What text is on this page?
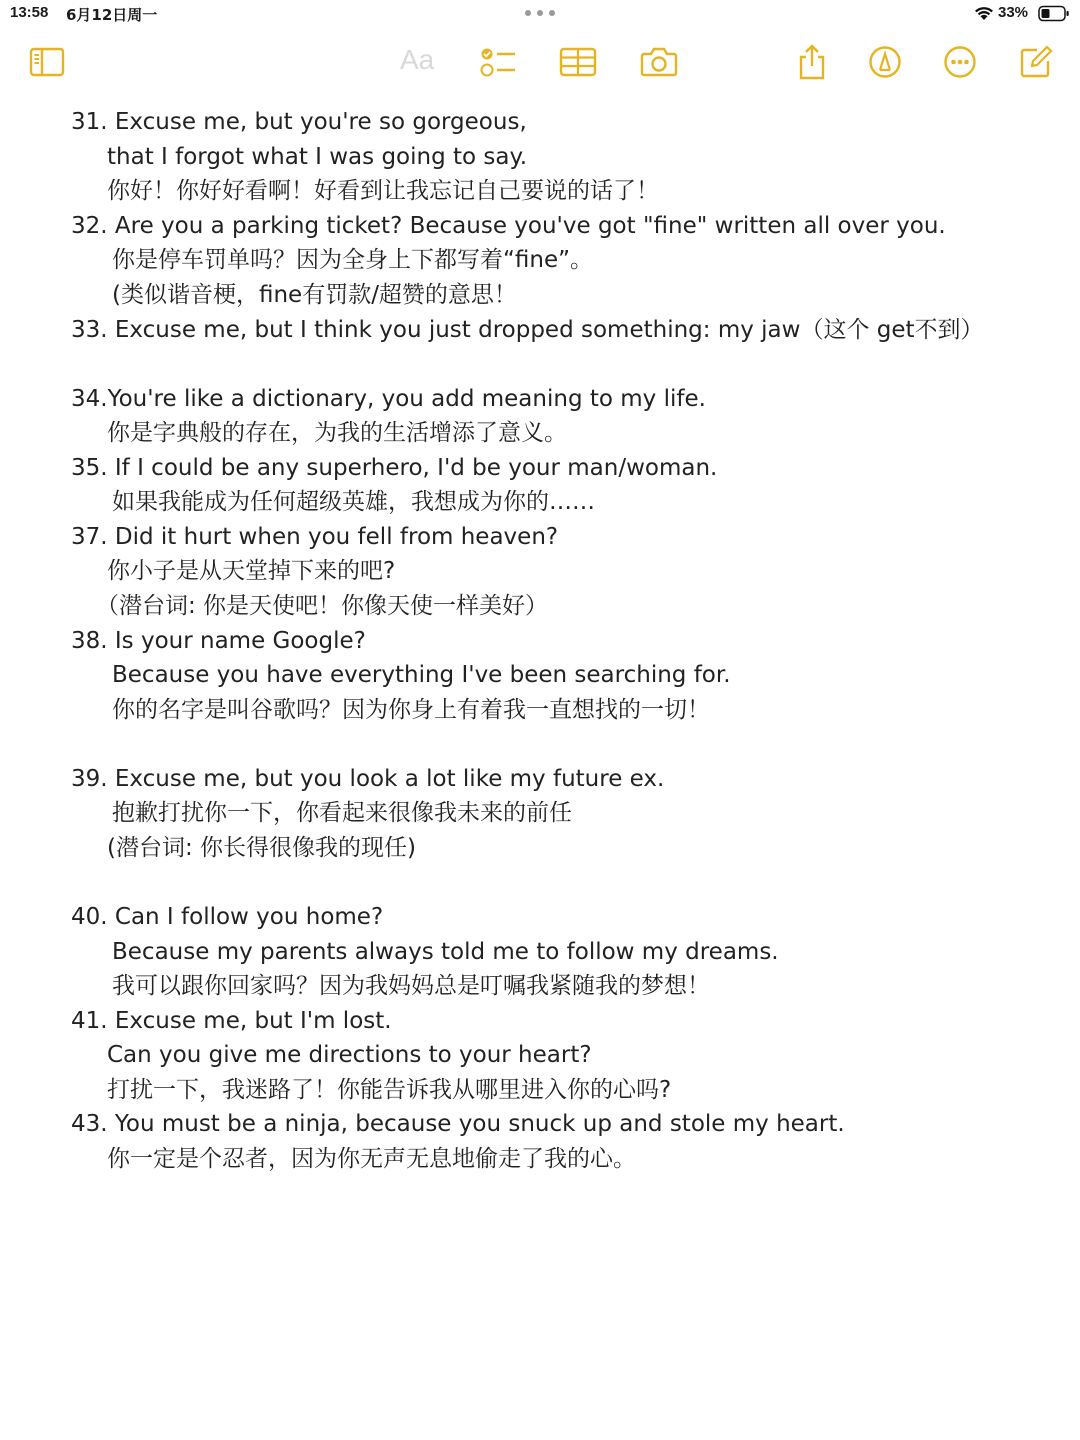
13:58 6月12日周一	33%
Aa
31. Excuse me, but you're so gorgeous,
that I forgot what I was going to say.
你好！你好好看啊！好看到让我忘记自己要说的话了！
32. Are you a parking ticket? Because you've got "fine" written all over you.
你是停车罚单吗？因为全身上下都写着“fine”。
(类似谐音梗，fine有罚款/超赞的意思！
33. Excuse me, but I think you just dropped something: my jaw（这个 get不到）
34.You're like a dictionary, you add meaning to my life.
你是字典般的存在，为我的生活增添了意义。
35. If I could be any superhero, I'd be your man/woman.
如果我能成为任何超级英雄，我想成为你的……
37. Did it hurt when you fell from heaven?
你小子是从天堂掉下来的吧?
（潜台词: 你是天使吧！你像天使一样美好）
38. Is your name Google?
Because you have everything I've been searching for.
你的名字是叫谷歌吗？因为你身上有着我一直想找的一切！
39. Excuse me, but you look a lot like my future ex.
抱歉打扰你一下，你看起来很像我未来的前任
(潜台词: 你长得很像我的现任)
40. Can I follow you home?
Because my parents always told me to follow my dreams.
我可以跟你回家吗？因为我妈妈总是叮嘱我紧随我的梦想！
41. Excuse me, but I'm lost.
Can you give me directions to your heart?
打扰一下，我迷路了！你能告诉我从哪里进入你的心吗?
43. You must be a ninja, because you snuck up and stole my heart.
你一定是个忍者，因为你无声无息地偷走了我的心。
